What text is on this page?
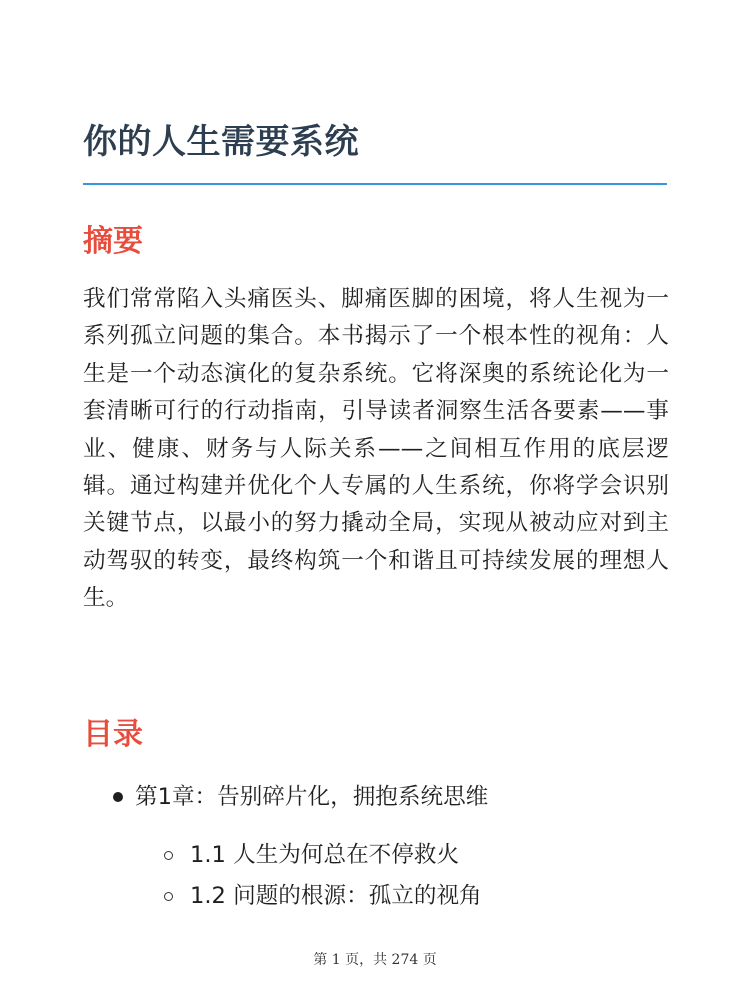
你的人生需要系统
摘要

我们常常陷入头痛医头、脚痛医脚的困境，将人生视为一系列孤立问题的集合。本书揭示了一个根本性的视角：人生是一个动态演化的复杂系统。它将深奥的系统论化为一套清晰可行的行动指南，引导读者洞察生活各要素——事业、健康、财务与人际关系——之间相互作用的底层逻辑。通过构建并优化个人专属的人生系统，你将学会识别关键节点，以最小的努力撬动全局，实现从被动应对到主动驾驭的转变，最终构筑一个和谐且可持续发展的理想人生。

目录
第1章：告别碎片化，拥抱系统思维
1.1 人生为何总在不停救火
1.2 问题的根源：孤立的视角
第 1 页，共 274 页
